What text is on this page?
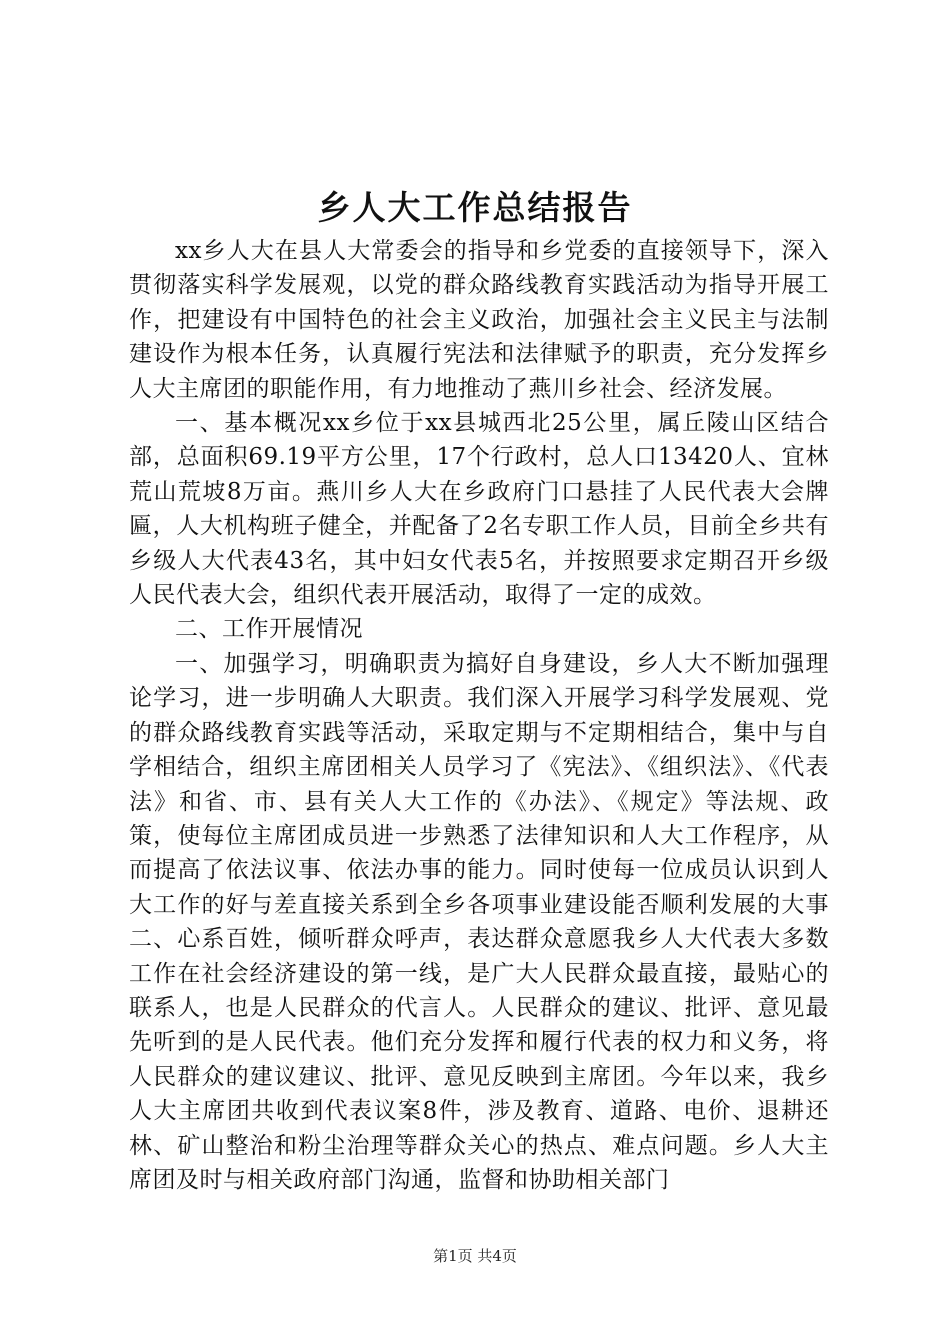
乡人大工作总结报告

xx乡人大在县人大常委会的指导和乡党委的直接领导下，深入贯彻落实科学发展观，以党的群众路线教育实践活动为指导开展工作，把建设有中国特色的社会主义政治，加强社会主义民主与法制建设作为根本任务，认真履行宪法和法律赋予的职责，充分发挥乡人大主席团的职能作用，有力地推动了燕川乡社会、经济发展。

一、基本概况xx乡位于xx县城西北25公里，属丘陵山区结合部，总面积69.19平方公里，17个行政村，总人口13420人、宜林荒山荒坡8万亩。燕川乡人大在乡政府门口悬挂了人民代表大会牌匾，人大机构班子健全，并配备了2名专职工作人员，目前全乡共有乡级人大代表43名，其中妇女代表5名，并按照要求定期召开乡级人民代表大会，组织代表开展活动，取得了一定的成效。

二、工作开展情况

一、加强学习，明确职责为搞好自身建设，乡人大不断加强理论学习，进一步明确人大职责。我们深入开展学习科学发展观、党的群众路线教育实践等活动，采取定期与不定期相结合，集中与自学相结合，组织主席团相关人员学习了《宪法》、《组织法》、《代表法》和省、市、县有关人大工作的《办法》、《规定》等法规、政策，使每位主席团成员进一步熟悉了法律知识和人大工作程序，从而提高了依法议事、依法办事的能力。同时使每一位成员认识到人大工作的好与差直接关系到全乡各项事业建设能否顺利发展的大事二、心系百姓，倾听群众呼声，表达群众意愿我乡人大代表大多数工作在社会经济建设的第一线，是广大人民群众最直接，最贴心的联系人，也是人民群众的代言人。人民群众的建议、批评、意见最先听到的是人民代表。他们充分发挥和履行代表的权力和义务，将人民群众的建议建议、批评、意见反映到主席团。今年以来，我乡人大主席团共收到代表议案8件，涉及教育、道路、电价、退耕还林、矿山整治和粉尘治理等群众关心的热点、难点问题。乡人大主席团及时与相关政府部门沟通，监督和协助相关部门

第1页 共4页
